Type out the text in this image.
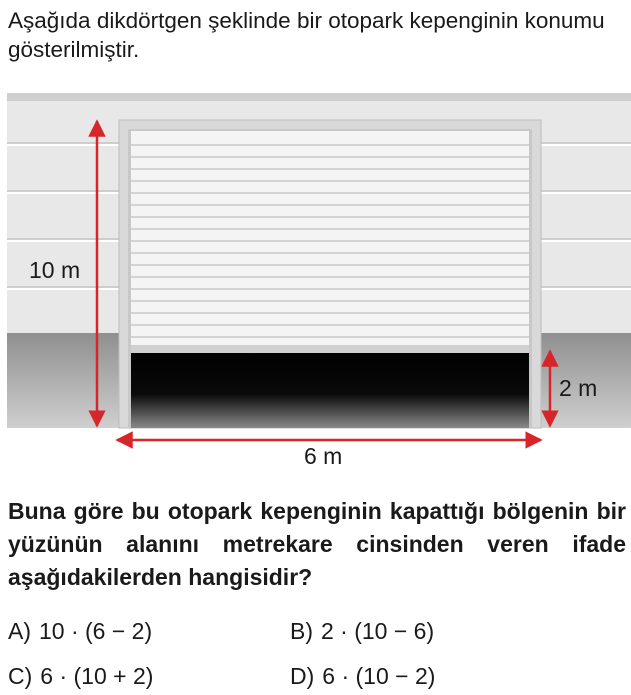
Aşağıda dikdörtgen şeklinde bir otopark kepenginin konumu gösterilmiştir.

10 m
2 m
6 m

Buna göre bu otopark kepenginin kapattığı bölgenin bir yüzünün alanını metrekare cinsinden veren ifade aşağıdakilerden hangisidir?

A) 10 · (6 − 2)	B) 2 · (10 − 6)
C) 6 · (10 + 2)	D) 6 · (10 − 2)
